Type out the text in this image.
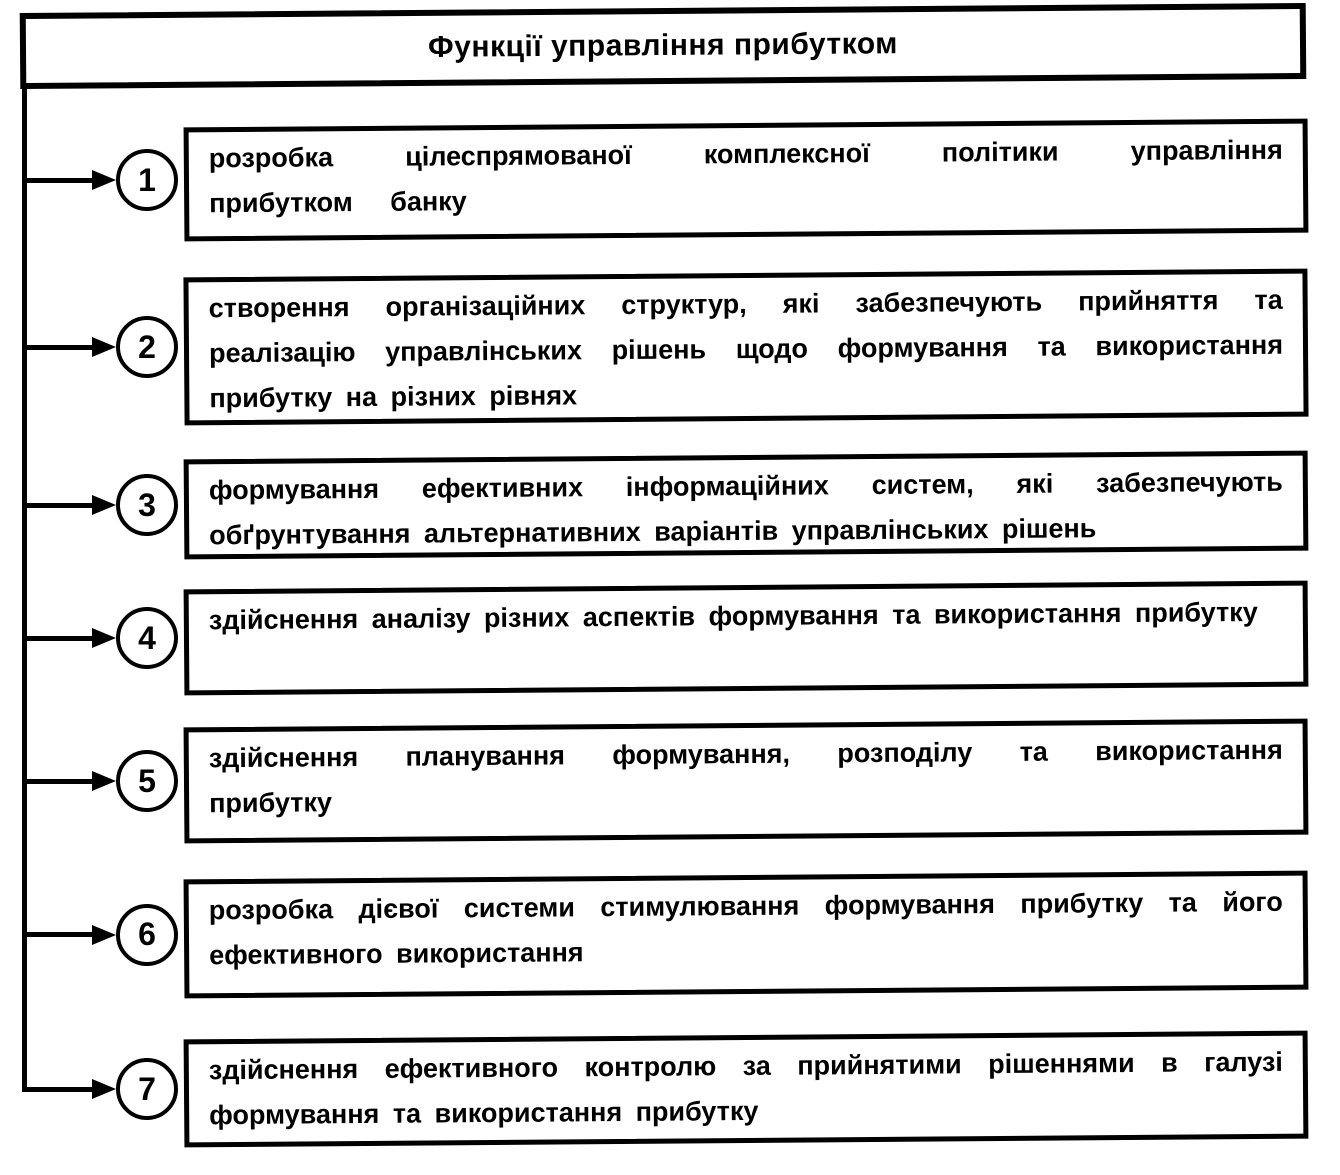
Функції управління прибутком
1
розробка цілеспрямованої комплексної політики управління прибутком банку
2
створення організаційних структур, які забезпечують прийняття та реалізацію управлінських рішень щодо формування та використання прибутку на різних рівнях
3	формування ефективних інформаційних систем, які забезпечують обґрунтування альтернативних варіантів управлінських рішень
4
здійснення аналізу різних аспектів формування та використання прибутку
5
здійснення планування формування, розподілу та використання прибутку
6
розробка дієвої системи стимулювання формування прибутку та його ефективного використання
7
здійснення ефективного контролю за прийнятими рішеннями в галузі формування та використання прибутку
